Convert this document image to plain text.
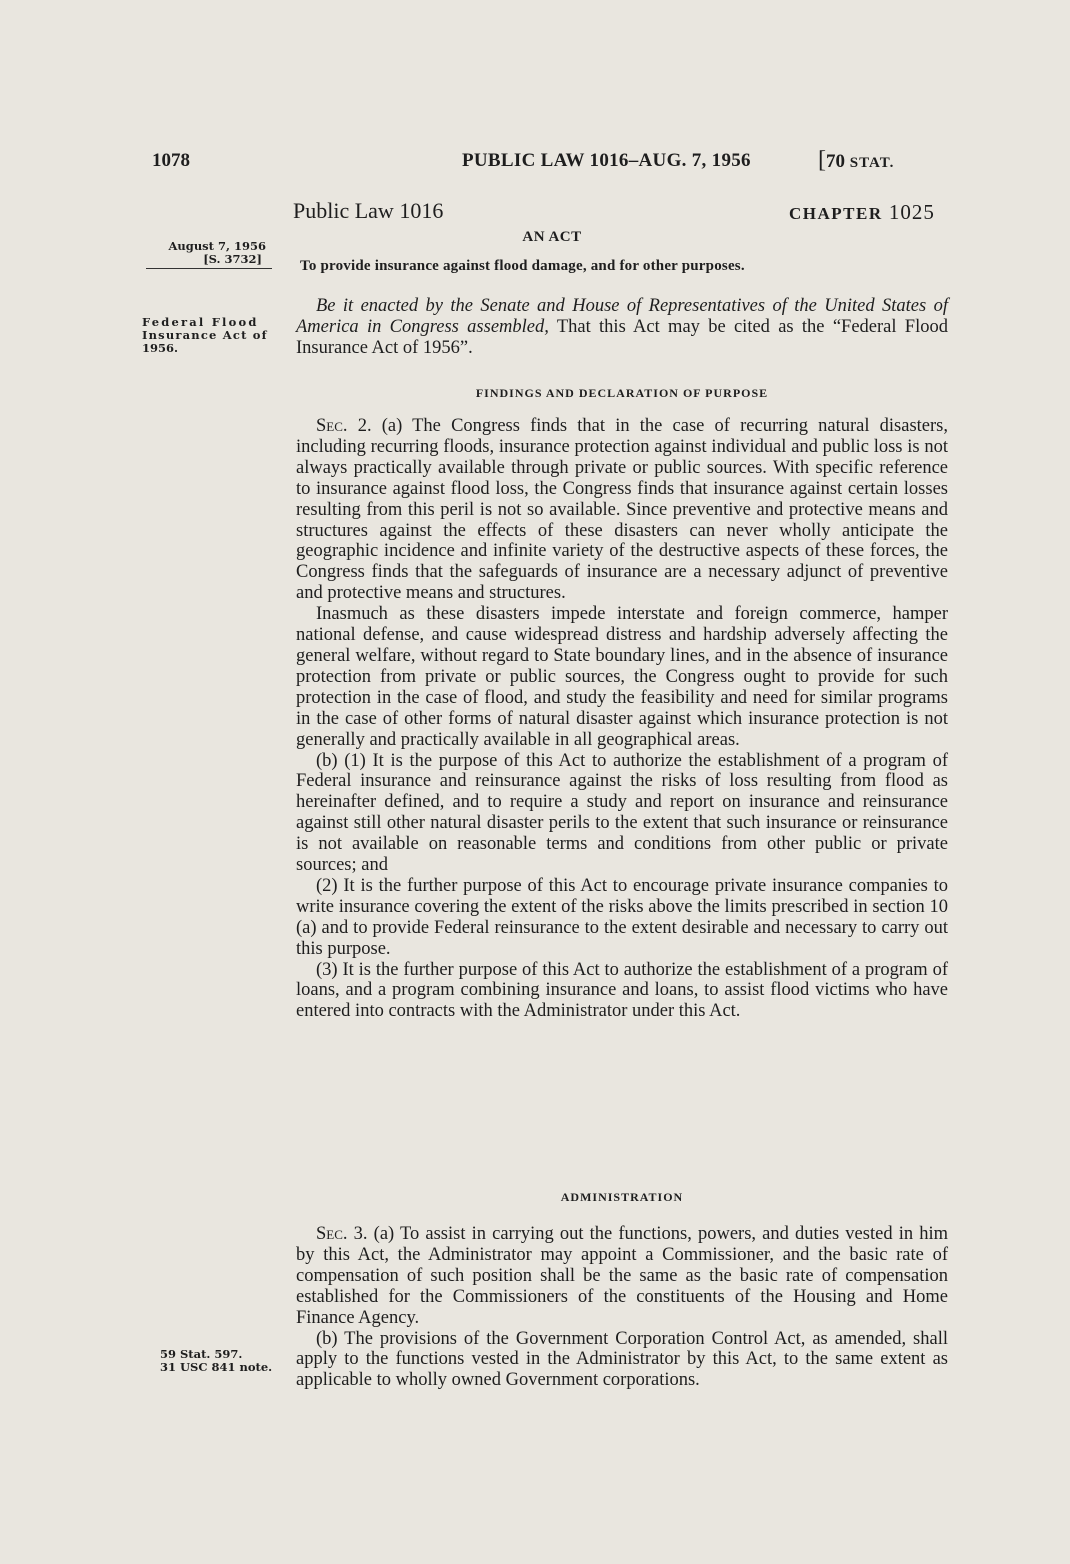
1078	PUBLIC LAW 1016–AUG. 7, 1956	[70 STAT.
Public Law 1016	CHAPTER 1025
AN ACT
To provide insurance against flood damage, and for other purposes.
August 7, 1956
[S. 3732]
Federal Flood
Insurance Act of
1956.
59 Stat. 597.
31 USC 841 note.

Be it enacted by the Senate and House of Representatives of the United States of America in Congress assembled, That this Act may be cited as the “Federal Flood Insurance Act of 1956”.

FINDINGS AND DECLARATION OF PURPOSE

Sec. 2. (a) The Congress finds that in the case of recurring natural disasters, including recurring floods, insurance protection against individual and public loss is not always practically available through private or public sources. With specific reference to insurance against flood loss, the Congress finds that insurance against certain losses resulting from this peril is not so available. Since preventive and protective means and structures against the effects of these disasters can never wholly anticipate the geographic incidence and infinite variety of the destructive aspects of these forces, the Congress finds that the safeguards of insurance are a necessary adjunct of preventive and protective means and structures.

Inasmuch as these disasters impede interstate and foreign commerce, hamper national defense, and cause widespread distress and hardship adversely affecting the general welfare, without regard to State boundary lines, and in the absence of insurance protection from private or public sources, the Congress ought to provide for such protection in the case of flood, and study the feasibility and need for similar programs in the case of other forms of natural disaster against which insurance protection is not generally and practically available in all geographical areas.

(b) (1) It is the purpose of this Act to authorize the establishment of a program of Federal insurance and reinsurance against the risks of loss resulting from flood as hereinafter defined, and to require a study and report on insurance and reinsurance against still other natural disaster perils to the extent that such insurance or reinsurance is not available on reasonable terms and conditions from other public or private sources; and

(2) It is the further purpose of this Act to encourage private insurance companies to write insurance covering the extent of the risks above the limits prescribed in section 10 (a) and to provide Federal reinsurance to the extent desirable and necessary to carry out this purpose.

(3) It is the further purpose of this Act to authorize the establishment of a program of loans, and a program combining insurance and loans, to assist flood victims who have entered into contracts with the Administrator under this Act.

ADMINISTRATION

Sec. 3. (a) To assist in carrying out the functions, powers, and duties vested in him by this Act, the Administrator may appoint a Commissioner, and the basic rate of compensation of such position shall be the same as the basic rate of compensation established for the Commissioners of the constituents of the Housing and Home Finance Agency.

(b) The provisions of the Government Corporation Control Act, as amended, shall apply to the functions vested in the Administrator by this Act, to the same extent as applicable to wholly owned Government corporations.
